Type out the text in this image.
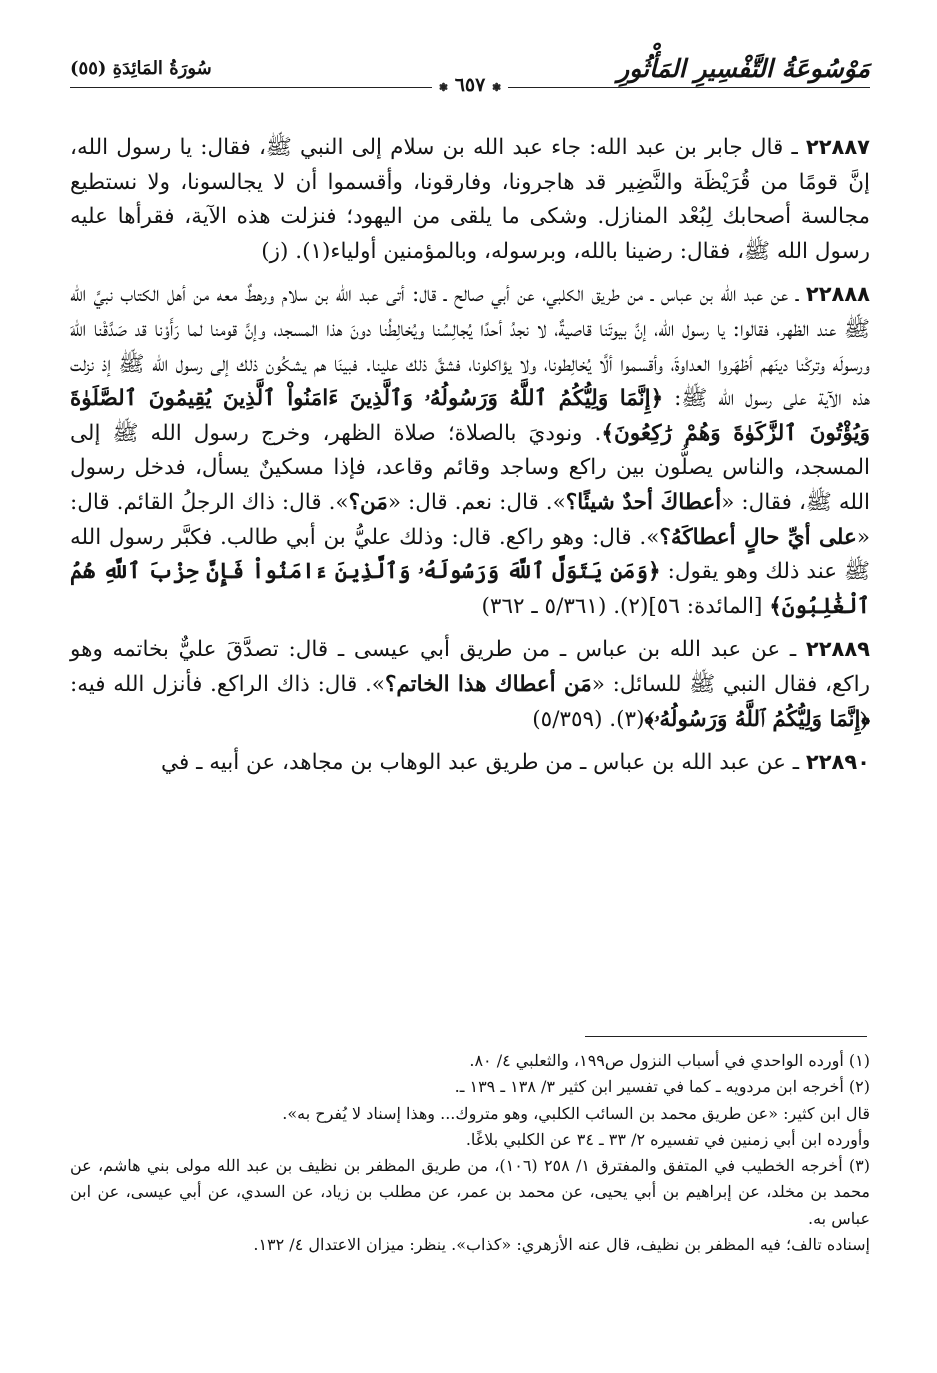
مَوْسُوعَةُ التَّفْسِيرِ المَأْثُورِ
❃ ٦٥٧ ❃
سُورَةُ المَائِدَةِ (٥٥)

٢٢٨٨٧ ـ قال جابر بن عبد الله: جاء عبد الله بن سلام إلى النبي ﷺ، فقال: يا رسول الله، إنَّ قومًا من قُرَيْظَة والنَّضِير قد هاجرونا، وفارقونا، وأقسموا أن لا يجالسونا، ولا نستطيع مجالسة أصحابك لِبُعْد المنازل. وشكى ما يلقى من اليهود؛ فنزلت هذه الآية، فقرأها عليه رسول الله ﷺ، فقال: رضينا بالله، وبرسوله، وبالمؤمنين أولياء(١). (ز)

٢٢٨٨٨ ـ عن عبد الله بن عباس ـ من طريق الكلبي، عن أبي صالح ـ قال: أتى عبد الله بن سلام ورهطٌ معه من أهل الكتاب نبيَّ الله ﷺ عند الظهر، فقالوا: يا رسول الله، إنَّ بيوتَنا قاصيةٌ، لا نجدُ أحدًا يُجالِسُنا ويُخالِطُنا دونَ هذا المسجد، وإنَّ قومنا لما رَأَوْنا قد صَدَّقْنا اللهَ ورسولَه وتركْنا دينَهم أظهَروا العداوةَ، وأقسموا ألَّا يُخالِطونا، ولا يؤاكلونا، فشقَّ ذلك علينا. فبينَا هم يشكُون ذلك إلى رسول الله ﷺ إذ نزلت هذه الآية على رسول الله ﷺ: ﴿إِنَّمَا وَلِيُّكُمُ ٱللَّهُ وَرَسُولُهُۥ وَٱلَّذِينَ ءَامَنُواْ ٱلَّذِينَ يُقِيمُونَ ٱلصَّلَوٰةَ وَيُؤْتُونَ ٱلزَّكَوٰةَ وَهُمْ رَٰكِعُونَ﴾. ونوديَ بالصلاة؛ صلاة الظهر، وخرج رسول الله ﷺ إلى المسجد، والناس يصلُّون بين راكع وساجد وقائم وقاعد، فإذا مسكينٌ يسأل، فدخل رسول الله ﷺ، فقال: «أعطاكَ أحدٌ شيئًا؟». قال: نعم. قال: «مَن؟». قال: ذاك الرجلُ القائم. قال: «على أيِّ حالٍ أعطاكَهُ؟». قال: وهو راكع. قال: وذلك عليُّ بن أبي طالب. فكبَّر رسول الله ﷺ عند ذلك وهو يقول: ﴿وَمَن يَتَوَلَّ ٱللَّهَ وَرَسُولَهُۥ وَٱلَّذِينَ ءَامَنُواْ فَإِنَّ حِزْبَ ٱللَّهِ هُمُ ٱلْغَٰلِبُونَ﴾ [المائدة: ٥٦](٢). (٥/٣٦١ ـ ٣٦٢)

٢٢٨٨٩ ـ عن عبد الله بن عباس ـ من طريق أبي عيسى ـ قال: تصدَّقَ عليٌّ بخاتمه وهو راكع، فقال النبي ﷺ للسائل: «مَن أعطاك هذا الخاتم؟». قال: ذاك الراكع. فأنزل الله فيه: ﴿إِنَّمَا وَلِيُّكُمُ ٱللَّهُ وَرَسُولُهُۥ﴾(٣). (٥/٣٥٩)

٢٢٨٩٠ ـ عن عبد الله بن عباس ـ من طريق عبد الوهاب بن مجاهد، عن أبيه ـ في

(١) أورده الواحدي في أسباب النزول ص١٩٩، والثعلبي ٤/ ٨٠.

(٢) أخرجه ابن مردويه ـ كما في تفسير ابن كثير ٣/ ١٣٨ ـ ١٣٩ ـ.

قال ابن كثير: «عن طريق محمد بن السائب الكلبي، وهو متروك... وهذا إسناد لا يُفرح به».

وأورده ابن أبي زمنين في تفسيره ٢/ ٣٣ ـ ٣٤ عن الكلبي بلاغًا.

(٣) أخرجه الخطيب في المتفق والمفترق ١/ ٢٥٨ (١٠٦)، من طريق المظفر بن نظيف بن عبد الله مولى بني هاشم، عن محمد بن مخلد، عن إبراهيم بن أبي يحيى، عن محمد بن عمر، عن مطلب بن زياد، عن السدي، عن أبي عيسى، عن ابن عباس به.

إسناده تالف؛ فيه المظفر بن نظيف، قال عنه الأزهري: «كذاب». ينظر: ميزان الاعتدال ٤/ ١٣٢.
